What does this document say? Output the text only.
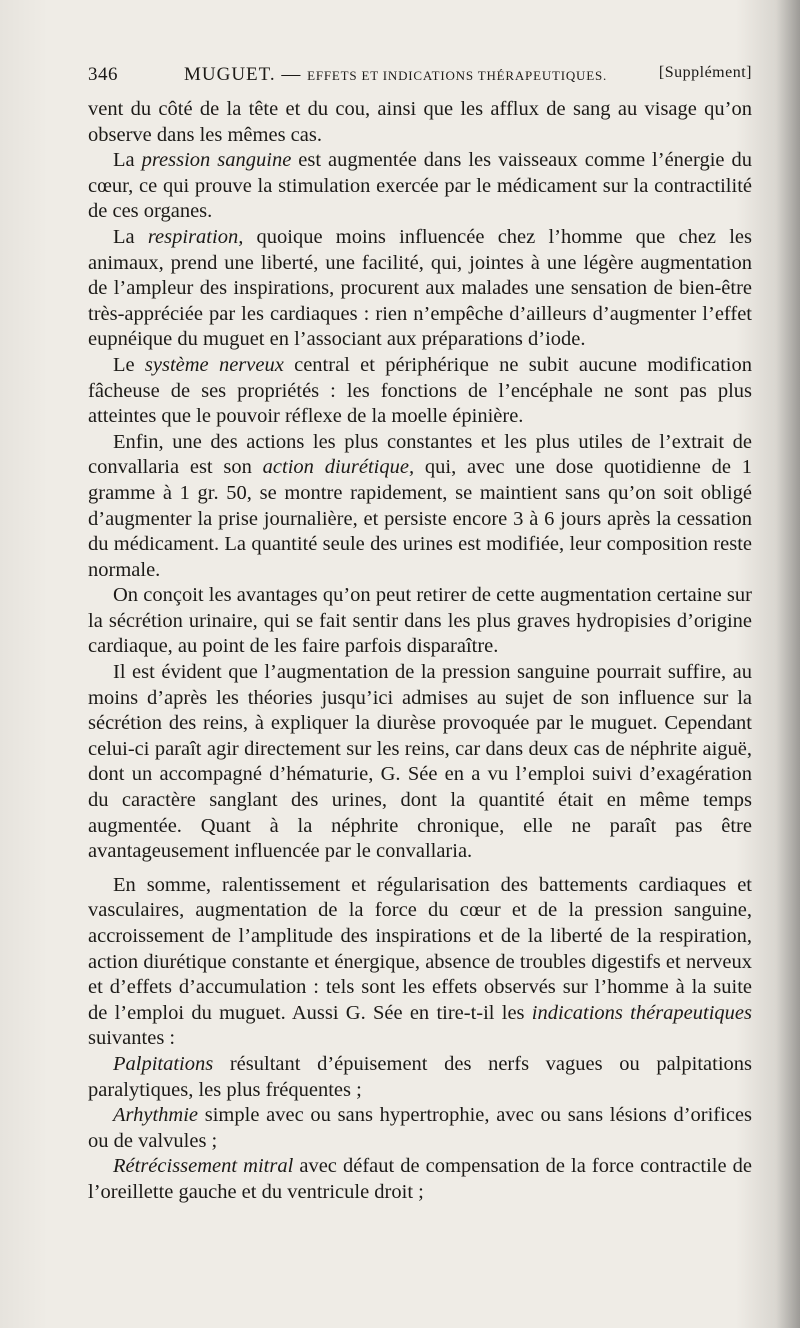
346	MUGUET. — EFFETS ET INDICATIONS THÉRAPEUTIQUES.	[Supplément]

vent du côté de la tête et du cou, ainsi que les afflux de sang au visage qu’on observe dans les mêmes cas.

La pression sanguine est augmentée dans les vaisseaux comme l’énergie du cœur, ce qui prouve la stimulation exercée par le médicament sur la contractilité de ces organes.

La respiration, quoique moins influencée chez l’homme que chez les animaux, prend une liberté, une facilité, qui, jointes à une légère augmentation de l’ampleur des inspirations, procurent aux malades une sensation de bien-être très-appréciée par les cardiaques : rien n’empêche d’ailleurs d’augmenter l’effet eupnéique du muguet en l’associant aux préparations d’iode.

Le système nerveux central et périphérique ne subit aucune modification fâcheuse de ses propriétés : les fonctions de l’encéphale ne sont pas plus atteintes que le pouvoir réflexe de la moelle épinière.

Enfin, une des actions les plus constantes et les plus utiles de l’extrait de convallaria est son action diurétique, qui, avec une dose quotidienne de 1 gramme à 1 gr. 50, se montre rapidement, se maintient sans qu’on soit obligé d’augmenter la prise journalière, et persiste encore 3 à 6 jours après la cessation du médicament. La quantité seule des urines est modifiée, leur composition reste normale.

On conçoit les avantages qu’on peut retirer de cette augmentation certaine sur la sécrétion urinaire, qui se fait sentir dans les plus graves hydropisies d’origine cardiaque, au point de les faire parfois disparaître.

Il est évident que l’augmentation de la pression sanguine pourrait suffire, au moins d’après les théories jusqu’ici admises au sujet de son influence sur la sécrétion des reins, à expliquer la diurèse provoquée par le muguet. Cependant celui-ci paraît agir directement sur les reins, car dans deux cas de néphrite aiguë, dont un accompagné d’hématurie, G. Sée en a vu l’emploi suivi d’exagération du caractère sanglant des urines, dont la quantité était en même temps augmentée. Quant à la néphrite chronique, elle ne paraît pas être avantageusement influencée par le convallaria.

En somme, ralentissement et régularisation des battements cardiaques et vasculaires, augmentation de la force du cœur et de la pression sanguine, accroissement de l’amplitude des inspirations et de la liberté de la respiration, action diurétique constante et énergique, absence de troubles digestifs et nerveux et d’effets d’accumulation : tels sont les effets observés sur l’homme à la suite de l’emploi du muguet. Aussi G. Sée en tire-t-il les indications thérapeutiques suivantes :

Palpitations résultant d’épuisement des nerfs vagues ou palpitations paralytiques, les plus fréquentes ;

Arhythmie simple avec ou sans hypertrophie, avec ou sans lésions d’orifices ou de valvules ;

Rétrécissement mitral avec défaut de compensation de la force contractile de l’oreillette gauche et du ventricule droit ;
